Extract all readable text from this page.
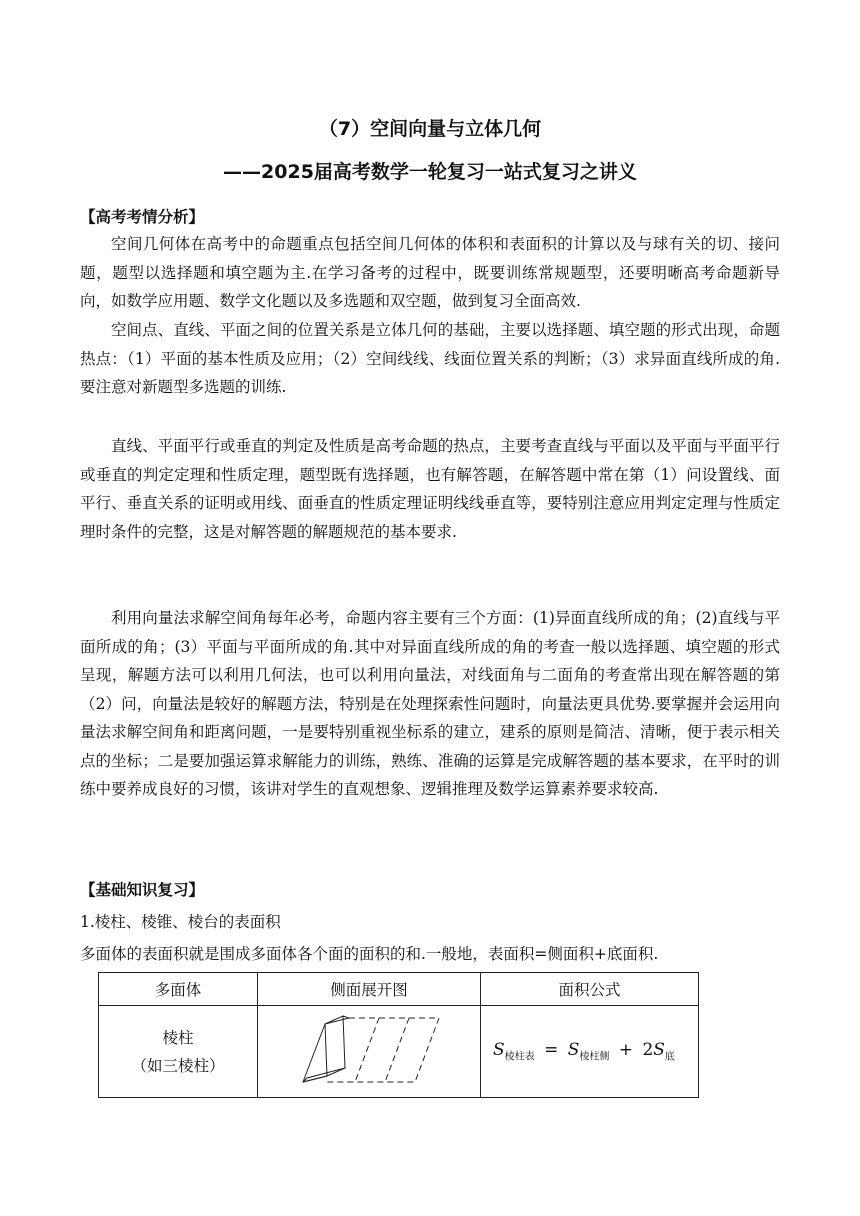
（7）空间向量与立体几何
——2025届高考数学一轮复习一站式复习之讲义
【高考考情分析】

空间几何体在高考中的命题重点包括空间几何体的体积和表面积的计算以及与球有关的切、接问题，题型以选择题和填空题为主.在学习备考的过程中，既要训练常规题型，还要明晰高考命题新导向，如数学应用题、数学文化题以及多选题和双空题，做到复习全面高效.

空间点、直线、平面之间的位置关系是立体几何的基础，主要以选择题、填空题的形式出现，命题热点：（1）平面的基本性质及应用；（2）空间线线、线面位置关系的判断；（3）求异面直线所成的角.要注意对新题型多选题的训练.

直线、平面平行或垂直的判定及性质是高考命题的热点，主要考查直线与平面以及平面与平面平行或垂直的判定定理和性质定理，题型既有选择题，也有解答题，在解答题中常在第（1）问设置线、面平行、垂直关系的证明或用线、面垂直的性质定理证明线线垂直等，要特别注意应用判定定理与性质定理时条件的完整，这是对解答题的解题规范的基本要求.

利用向量法求解空间角每年必考，命题内容主要有三个方面：(1)异面直线所成的角；(2)直线与平面所成的角；(3）平面与平面所成的角.其中对异面直线所成的角的考查一般以选择题、填空题的形式呈现，解题方法可以利用几何法，也可以利用向量法，对线面角与二面角的考查常出现在解答题的第（2）问，向量法是较好的解题方法，特别是在处理探索性问题时，向量法更具优势.要掌握并会运用向量法求解空间角和距离问题，一是要特别重视坐标系的建立，建系的原则是简洁、清晰，便于表示相关点的坐标；二是要加强运算求解能力的训练，熟练、准确的运算是完成解答题的基本要求，在平时的训练中要养成良好的习惯，该讲对学生的直观想象、逻辑推理及数学运算素养要求较高.

【基础知识复习】
1.棱柱、棱锥、棱台的表面积
多面体的表面积就是围成多面体各个面的面积的和.一般地，表面积=侧面积+底面积.
多面体	侧面展开图	面积公式

棱柱
（如三棱柱）		$S_{棱柱表} = S_{棱柱侧} + 2S_底$
